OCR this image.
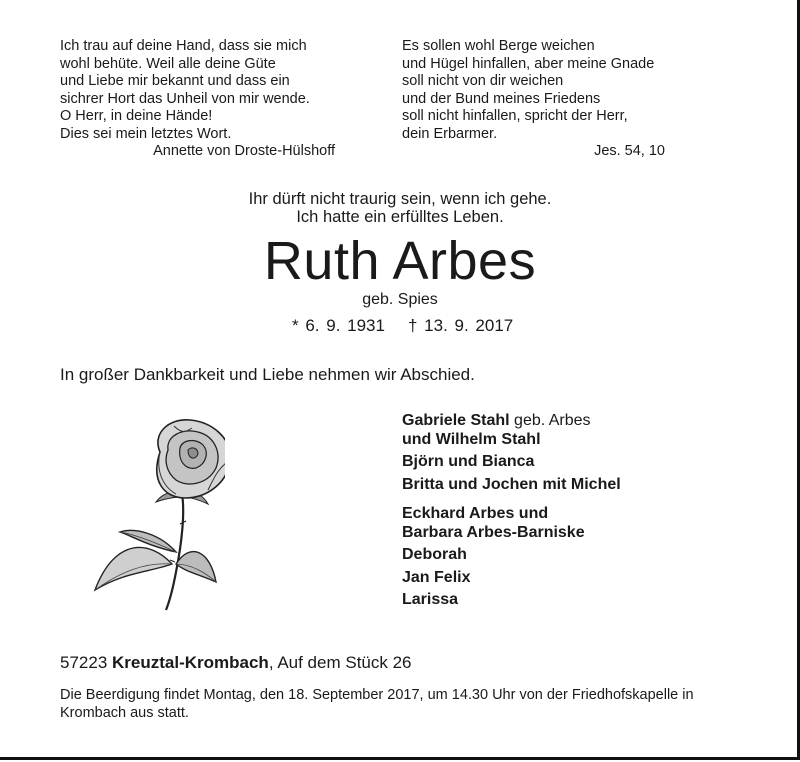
Ich trau auf deine Hand, dass sie mich
wohl behüte. Weil alle deine Güte
und Liebe mir bekannt und dass ein
sichrer Hort das Unheil von mir wende.
O Herr, in deine Hände!
Dies sei mein letztes Wort.
Annette von Droste-Hülshoff
Es sollen wohl Berge weichen
und Hügel hinfallen, aber meine Gnade
soll nicht von dir weichen
und der Bund meines Friedens
soll nicht hinfallen, spricht der Herr,
dein Erbarmer.
Jes. 54, 10
Ihr dürft nicht traurig sein, wenn ich gehe.
Ich hatte ein erfülltes Leben.
Ruth Arbes
geb. Spies
* 6. 9. 1931 † 13. 9. 2017
In großer Dankbarkeit und Liebe nehmen wir Abschied.
Gabriele Stahl geb. Arbes
und Wilhelm Stahl
Björn und Bianca
Britta und Jochen mit Michel
Eckhard Arbes und
Barbara Arbes-Barniske
Deborah
Jan Felix
Larissa
57223 Kreuztal-Krombach, Auf dem Stück 26
Die Beerdigung findet Montag, den 18. September 2017, um 14.30 Uhr von der Friedhofskapelle in
Krombach aus statt.
